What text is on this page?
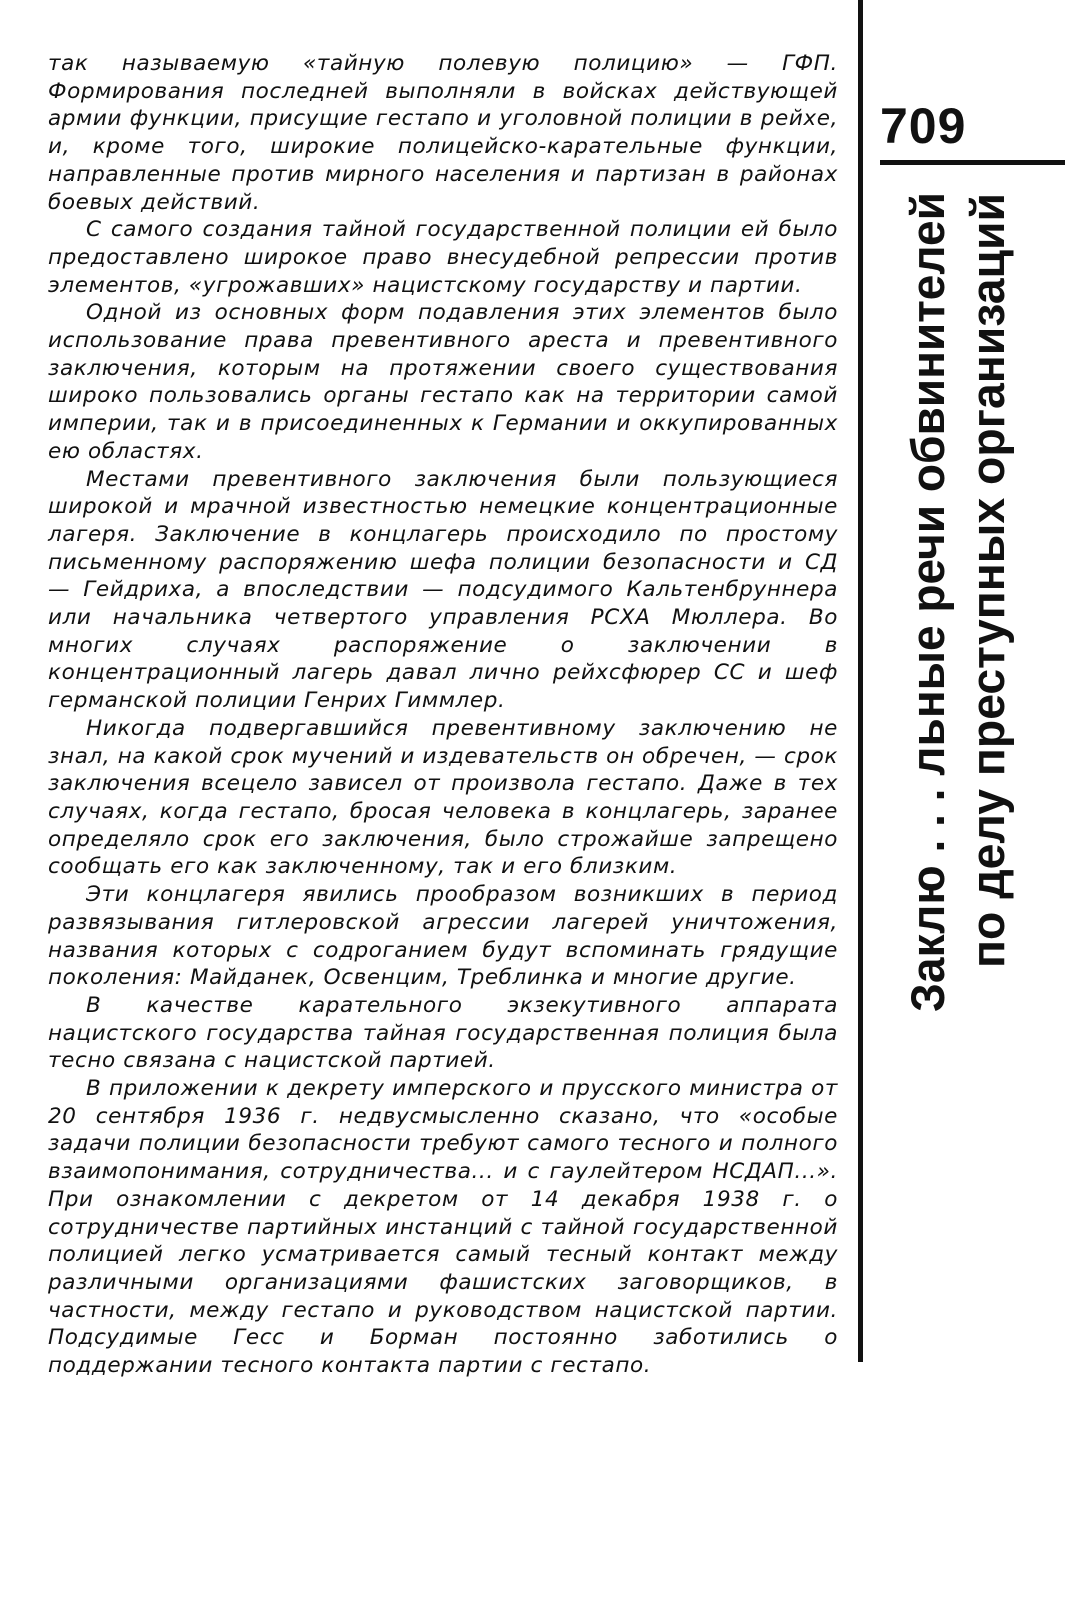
так называемую «тайную полевую полицию» — ГФП. Формирования последней выполняли в войсках действующей армии функции, присущие гестапо и уголовной полиции в рейхе, и, кроме того, широкие полицейско-карательные функции, направленные против мирного населения и партизан в районах боевых действий.

С самого создания тайной государственной полиции ей было предоставлено широкое право внесудебной репрессии против элементов, «угрожавших» нацистскому государству и партии.

Одной из основных форм подавления этих элементов было использование права превентивного ареста и превентивного заключения, которым на протяжении своего существования широко пользовались органы гестапо как на территории самой империи, так и в присоединенных к Германии и оккупированных ею областях.

Местами превентивного заключения были пользующиеся широкой и мрачной известностью немецкие концентрационные лагеря. Заключение в концлагерь происходило по простому письменному распоряжению шефа полиции безопасности и СД — Гейдриха, а впоследствии — подсудимого Кальтенбруннера или начальника четвертого управления РСХА Мюллера. Во многих случаях распоряжение о заключении в концентрационный лагерь давал лично рейхсфюрер СС и шеф германской полиции Генрих Гиммлер.

Никогда подвергавшийся превентивному заключению не знал, на какой срок мучений и издевательств он обречен, — срок заключения всецело зависел от произвола гестапо. Даже в тех случаях, когда гестапо, бросая человека в концлагерь, заранее определяло срок его заключения, было строжайше запрещено сообщать его как заключенному, так и его близким.

Эти концлагеря явились прообразом возникших в период развязывания гитлеровской агрессии лагерей уничтожения, названия которых с содроганием будут вспоминать грядущие поколения: Майданек, Освенцим, Треблинка и многие другие.

В качестве карательного экзекутивного аппарата нацистского государства тайная государственная полиция была тесно связана с нацистской партией.

В приложении к декрету имперского и прусского министра от 20 сентября 1936 г. недвусмысленно сказано, что «особые задачи полиции безопасности требуют самого тесного и полного взаимопонимания, сотрудничества... и с гаулейтером НСДАП...». При ознакомлении с декретом от 14 декабря 1938 г. о сотрудничестве партийных инстанций с тайной государственной полицией легко усматривается самый тесный контакт между различными организациями фашистских заговорщиков, в частности, между гестапо и руководством нацистской партии. Подсудимые Гесс и Борман постоянно заботились о поддержании тесного контакта партии с гестапо.

709
Заклю . . . льные речи обвинителей по делу преступных организаций
